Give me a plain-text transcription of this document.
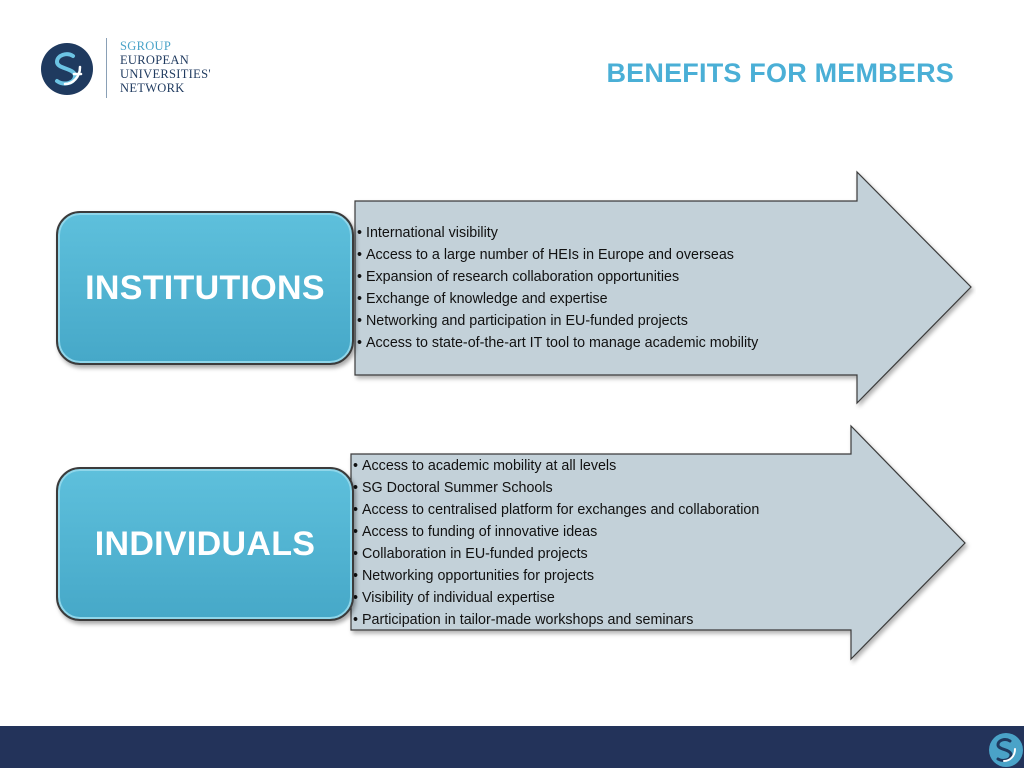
SGROUP
EUROPEAN
UNIVERSITIES'
NETWORK	BENEFITS FOR MEMBERS
• International visibility
• Access to a large number of HEIs in Europe and overseas
• Expansion of research collaboration opportunities
• Exchange of knowledge and expertise
• Networking and participation in EU-funded projects
• Access to state-of-the-art IT tool to manage academic mobility
• Access to academic mobility at all levels
• SG Doctoral Summer Schools
• Access to centralised platform for exchanges and collaboration
• Access to funding of innovative ideas
• Collaboration in EU-funded projects
• Networking opportunities for projects
• Visibility of individual expertise
• Participation in tailor-made workshops and seminars
INSTITUTIONS
INDIVIDUALS
